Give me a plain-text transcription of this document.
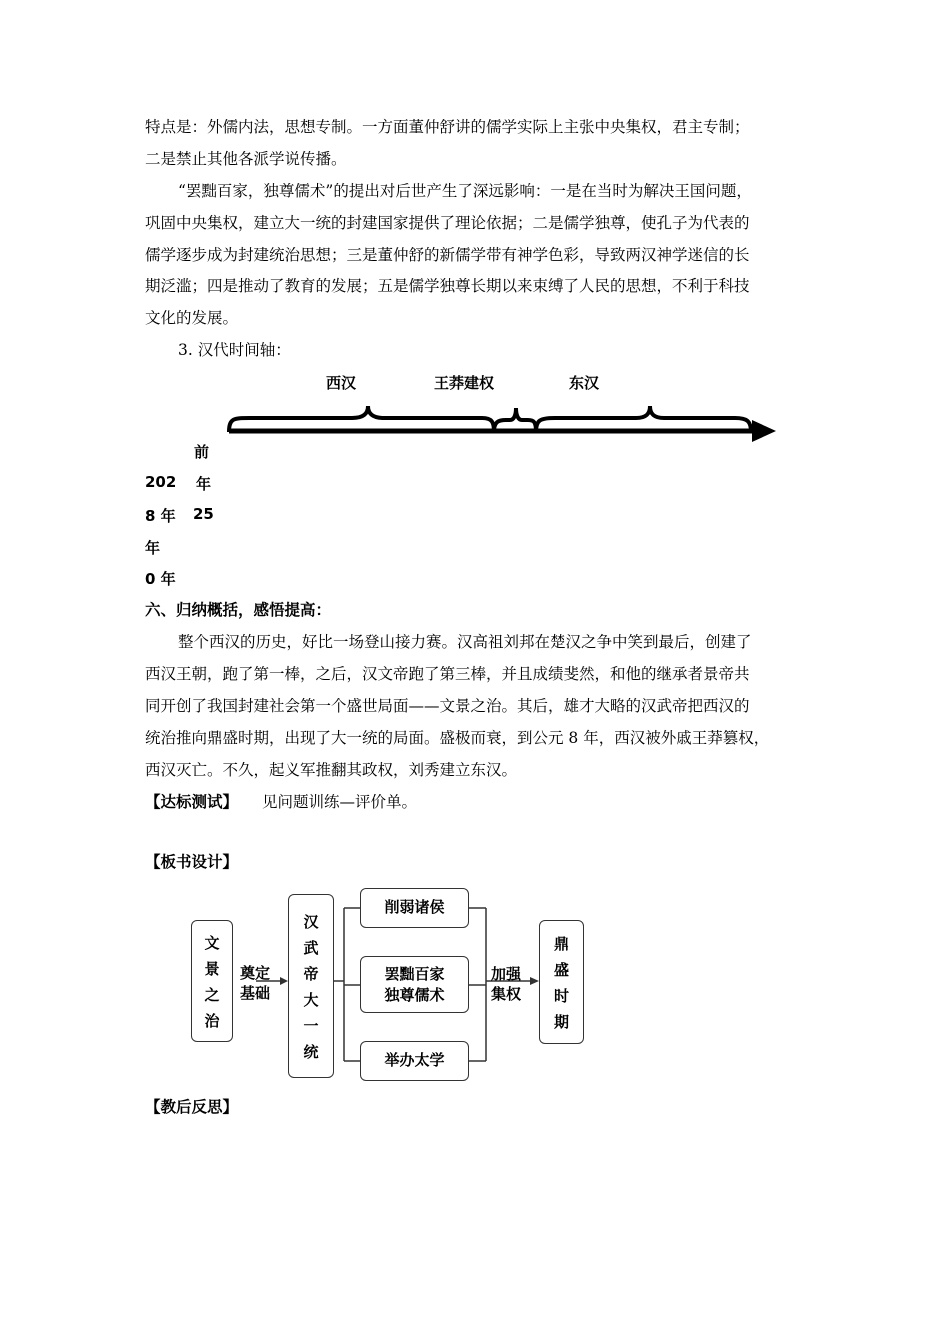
特点是：外儒内法，思想专制。一方面董仲舒讲的儒学实际上主张中央集权，君主专制；
二是禁止其他各派学说传播。
“罢黜百家，独尊儒术”的提出对后世产生了深远影响：一是在当时为解决王国问题，
巩固中央集权，建立大一统的封建国家提供了理论依据；二是儒学独尊，使孔子为代表的
儒学逐步成为封建统治思想；三是董仲舒的新儒学带有神学色彩，导致两汉神学迷信的长
期泛滥；四是推动了教育的发展；五是儒学独尊长期以来束缚了人民的思想，不利于科技
文化的发展。
3. 汉代时间轴：
西汉	王莽建权	东汉
前
202 年
8 年 25
年
0 年
六、归纳概括，感悟提高：
整个西汉的历史，好比一场登山接力赛。汉高祖刘邦在楚汉之争中笑到最后，创建了
西汉王朝，跑了第一棒，之后，汉文帝跑了第三棒，并且成绩斐然，和他的继承者景帝共
同开创了我国封建社会第一个盛世局面——文景之治。其后，雄才大略的汉武帝把西汉的
统治推向鼎盛时期，出现了大一统的局面。盛极而衰，到公元 8 年，西汉被外戚王莽篡权，
西汉灭亡。不久，起义军推翻其政权，刘秀建立东汉。
【达标测试】 见问题训练—评价单。
【板书设计】
文
景
之
治
奠定
基础
汉
武
帝
大
一
统
削弱诸侯
罢黜百家
独尊儒术
举办太学
加强
集权
鼎
盛
时
期
【教后反思】
